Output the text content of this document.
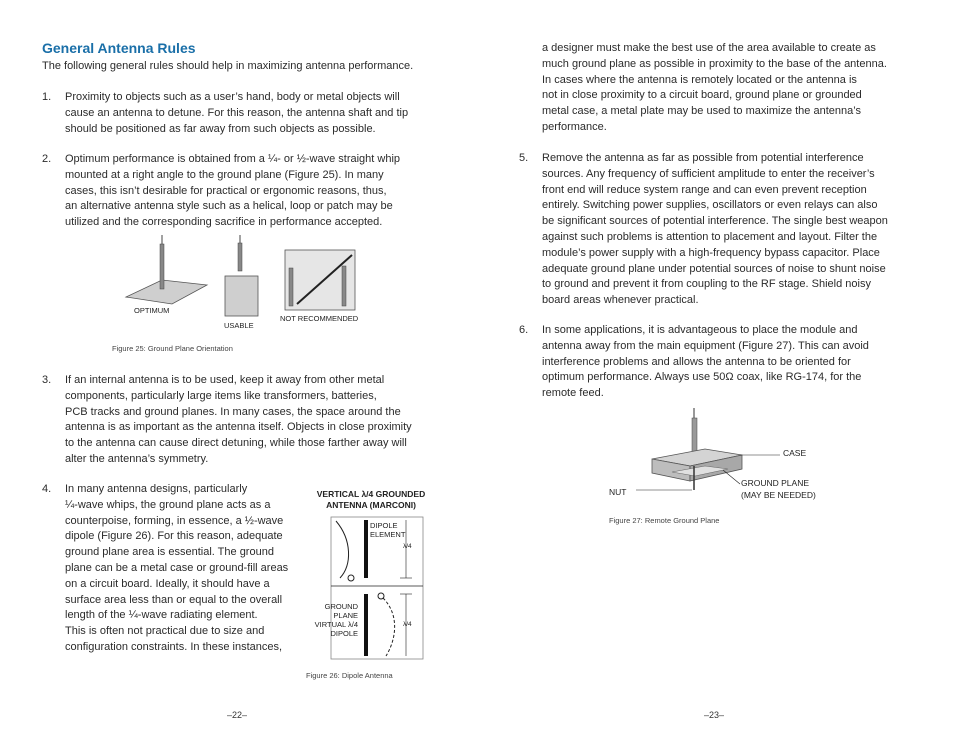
General Antenna Rules

The following general rules should help in maximizing antenna performance.

1. Proximity to objects such as a user’s hand, body or metal objects will
cause an antenna to detune. For this reason, the antenna shaft and tip
should be positioned as far away from such objects as possible.
2. Optimum performance is obtained from a ¼- or ½-wave straight whip
mounted at a right angle to the ground plane (Figure 25). In many
cases, this isn’t desirable for practical or ergonomic reasons, thus,
an alternative antenna style such as a helical, loop or patch may be
utilized and the corresponding sacrifice in performance accepted.
OPTIMUM
USABLE
NOT RECOMMENDED
Figure 25: Ground Plane Orientation
3. If an internal antenna is to be used, keep it away from other metal
components, particularly large items like transformers, batteries,
PCB tracks and ground planes. In many cases, the space around the
antenna is as important as the antenna itself. Objects in close proximity
to the antenna can cause direct detuning, while those farther away will
alter the antenna’s symmetry.
4. In many antenna designs, particularly
¼-wave whips, the ground plane acts as a
counterpoise, forming, in essence, a ½-wave
dipole (Figure 26). For this reason, adequate
ground plane area is essential. The ground
plane can be a metal case or ground-fill areas
on a circuit board. Ideally, it should have a
surface area less than or equal to the overall
length of the ¼-wave radiating element.
This is often not practical due to size and
configuration constraints. In these instances,
VERTICAL λ/4 GROUNDED
ANTENNA (MARCONI)
DIPOLE
ELEMENT
λ/4
GROUND
PLANE
VIRTUAL λ/4
DIPOLE
λ/4
Figure 26: Dipole Antenna
–22–
a designer must make the best use of the area available to create as
much ground plane as possible in proximity to the base of the antenna.
In cases where the antenna is remotely located or the antenna is
not in close proximity to a circuit board, ground plane or grounded
metal case, a metal plate may be used to maximize the antenna’s
performance.
5. Remove the antenna as far as possible from potential interference
sources. Any frequency of sufficient amplitude to enter the receiver’s
front end will reduce system range and can even prevent reception
entirely. Switching power supplies, oscillators or even relays can also
be significant sources of potential interference. The single best weapon
against such problems is attention to placement and layout. Filter the
module’s power supply with a high-frequency bypass capacitor. Place
adequate ground plane under potential sources of noise to shunt noise
to ground and prevent it from coupling to the RF stage. Shield noisy
board areas whenever practical.
6. In some applications, it is advantageous to place the module and
antenna away from the main equipment (Figure 27). This can avoid
interference problems and allows the antenna to be oriented for
optimum performance. Always use 50Ω coax, like RG-174, for the
remote feed.
CASE
GROUND PLANE
(MAY BE NEEDED)
NUT
Figure 27: Remote Ground Plane
–23–
